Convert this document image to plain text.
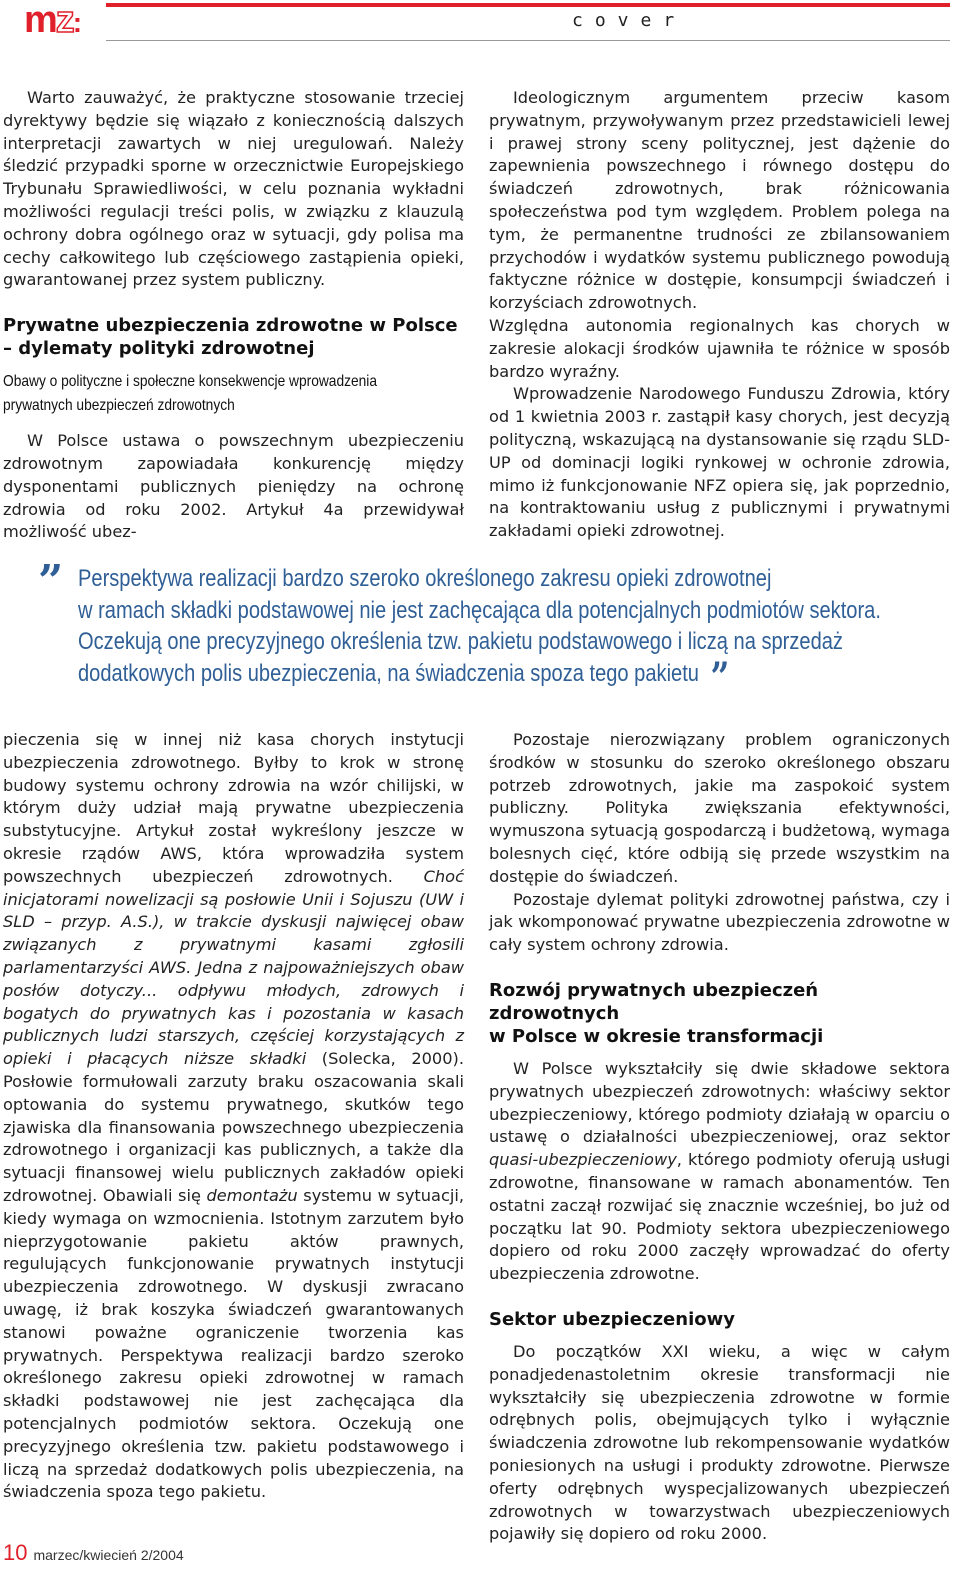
mz:	cover

Warto zauważyć, że praktyczne stosowanie trzeciej dyrektywy będzie się wiązało z koniecznością dalszych interpretacji zawartych w niej uregulowań. Należy śledzić przypadki sporne w orzecznictwie Europejskiego Trybunału Sprawiedliwości, w celu poznania wykładni możliwości regulacji treści polis, w związku z klauzulą ochrony dobra ogólnego oraz w sytuacji, gdy polisa ma cechy całkowitego lub częściowego zastąpienia opieki, gwarantowanej przez system publiczny.

Prywatne ubezpieczenia zdrowotne w Polsce
– dylematy polityki zdrowotnej
Obawy o polityczne i społeczne konsekwencje wprowadzenia
prywatnych ubezpieczeń zdrowotnych

W Polsce ustawa o powszechnym ubezpieczeniu zdrowotnym zapowiadała konkurencję między dysponentami publicznych pieniędzy na ochronę zdrowia od roku 2002. Artykuł 4a przewidywał możliwość ubez-

Ideologicznym argumentem przeciw kasom prywatnym, przywoływanym przez przedstawicieli lewej i prawej strony sceny politycznej, jest dążenie do zapewnienia powszechnego i równego dostępu do świadczeń zdrowotnych, brak różnicowania społeczeństwa pod tym względem. Problem polega na tym, że permanentne trudności ze zbilansowaniem przychodów i wydatków systemu publicznego powodują faktyczne różnice w dostępie, konsumpcji świadczeń i korzyściach zdrowotnych.

Względna autonomia regionalnych kas chorych w zakresie alokacji środków ujawniła te różnice w sposób bardzo wyraźny.

Wprowadzenie Narodowego Funduszu Zdrowia, który od 1 kwietnia 2003 r. zastąpił kasy chorych, jest decyzją polityczną, wskazującą na dystansowanie się rządu SLD-UP od dominacji logiki rynkowej w ochronie zdrowia, mimo iż funkcjonowanie NFZ opiera się, jak poprzednio, na kontraktowaniu usług z publicznymi i prywatnymi zakładami opieki zdrowotnej.

” Perspektywa realizacji bardzo szeroko określonego zakresu opieki zdrowotnej
w ramach składki podstawowej nie jest zachęcająca dla potencjalnych podmiotów sektora.
Oczekują one precyzyjnego określenia tzw. pakietu podstawowego i liczą na sprzedaż
dodatkowych polis ubezpieczenia, na świadczenia spoza tego pakietu ”

pieczenia się w innej niż kasa chorych instytucji ubezpieczenia zdrowotnego. Byłby to krok w stronę budowy systemu ochrony zdrowia na wzór chilijski, w którym duży udział mają prywatne ubezpieczenia substytucyjne. Artykuł został wykreślony jeszcze w okresie rządów AWS, która wprowadziła system powszechnych ubezpieczeń zdrowotnych. Choć inicjatorami nowelizacji są posłowie Unii i Sojuszu (UW i SLD – przyp. A.S.), w trakcie dyskusji najwięcej obaw związanych z prywatnymi kasami zgłosili parlamentarzyści AWS. Jedna z najpoważniejszych obaw posłów dotyczy... odpływu młodych, zdrowych i bogatych do prywatnych kas i pozostania w kasach publicznych ludzi starszych, częściej korzystających z opieki i płacących niższe składki (Solecka, 2000). Posłowie formułowali zarzuty braku oszacowania skali optowania do systemu prywatnego, skutków tego zjawiska dla finansowania powszechnego ubezpieczenia zdrowotnego i organizacji kas publicznych, a także dla sytuacji finansowej wielu publicznych zakładów opieki zdrowotnej. Obawiali się demontażu systemu w sytuacji, kiedy wymaga on wzmocnienia. Istotnym zarzutem było nieprzygotowanie pakietu aktów prawnych, regulujących funkcjonowanie prywatnych instytucji ubezpieczenia zdrowotnego. W dyskusji zwracano uwagę, iż brak koszyka świadczeń gwarantowanych stanowi poważne ograniczenie tworzenia kas prywatnych. Perspektywa realizacji bardzo szeroko określonego zakresu opieki zdrowotnej w ramach składki podstawowej nie jest zachęcająca dla potencjalnych podmiotów sektora. Oczekują one precyzyjnego określenia tzw. pakietu podstawowego i liczą na sprzedaż dodatkowych polis ubezpieczenia, na świadczenia spoza tego pakietu.

Pozostaje nierozwiązany problem ograniczonych środków w stosunku do szeroko określonego obszaru potrzeb zdrowotnych, jakie ma zaspokoić system publiczny. Polityka zwiększania efektywności, wymuszona sytuacją gospodarczą i budżetową, wymaga bolesnych cięć, które odbiją się przede wszystkim na dostępie do świadczeń.

Pozostaje dylemat polityki zdrowotnej państwa, czy i jak wkomponować prywatne ubezpieczenia zdrowotne w cały system ochrony zdrowia.

Rozwój prywatnych ubezpieczeń zdrowotnych
w Polsce w okresie transformacji

W Polsce wykształciły się dwie składowe sektora prywatnych ubezpieczeń zdrowotnych: właściwy sektor ubezpieczeniowy, którego podmioty działają w oparciu o ustawę o działalności ubezpieczeniowej, oraz sektor quasi-ubezpieczeniowy, którego podmioty oferują usługi zdrowotne, finansowane w ramach abonamentów. Ten ostatni zaczął rozwijać się znacznie wcześniej, bo już od początku lat 90. Podmioty sektora ubezpieczeniowego dopiero od roku 2000 zaczęły wprowadzać do oferty ubezpieczenia zdrowotne.

Sektor ubezpieczeniowy

Do początków XXI wieku, a więc w całym ponadjedenastoletnim okresie transformacji nie wykształciły się ubezpieczenia zdrowotne w formie odrębnych polis, obejmujących tylko i wyłącznie świadczenia zdrowotne lub rekompensowanie wydatków poniesionych na usługi i produkty zdrowotne. Pierwsze oferty odrębnych wyspecjalizowanych ubezpieczeń zdrowotnych w towarzystwach ubezpieczeniowych pojawiły się dopiero od roku 2000.

10 marzec/kwiecień 2/2004
